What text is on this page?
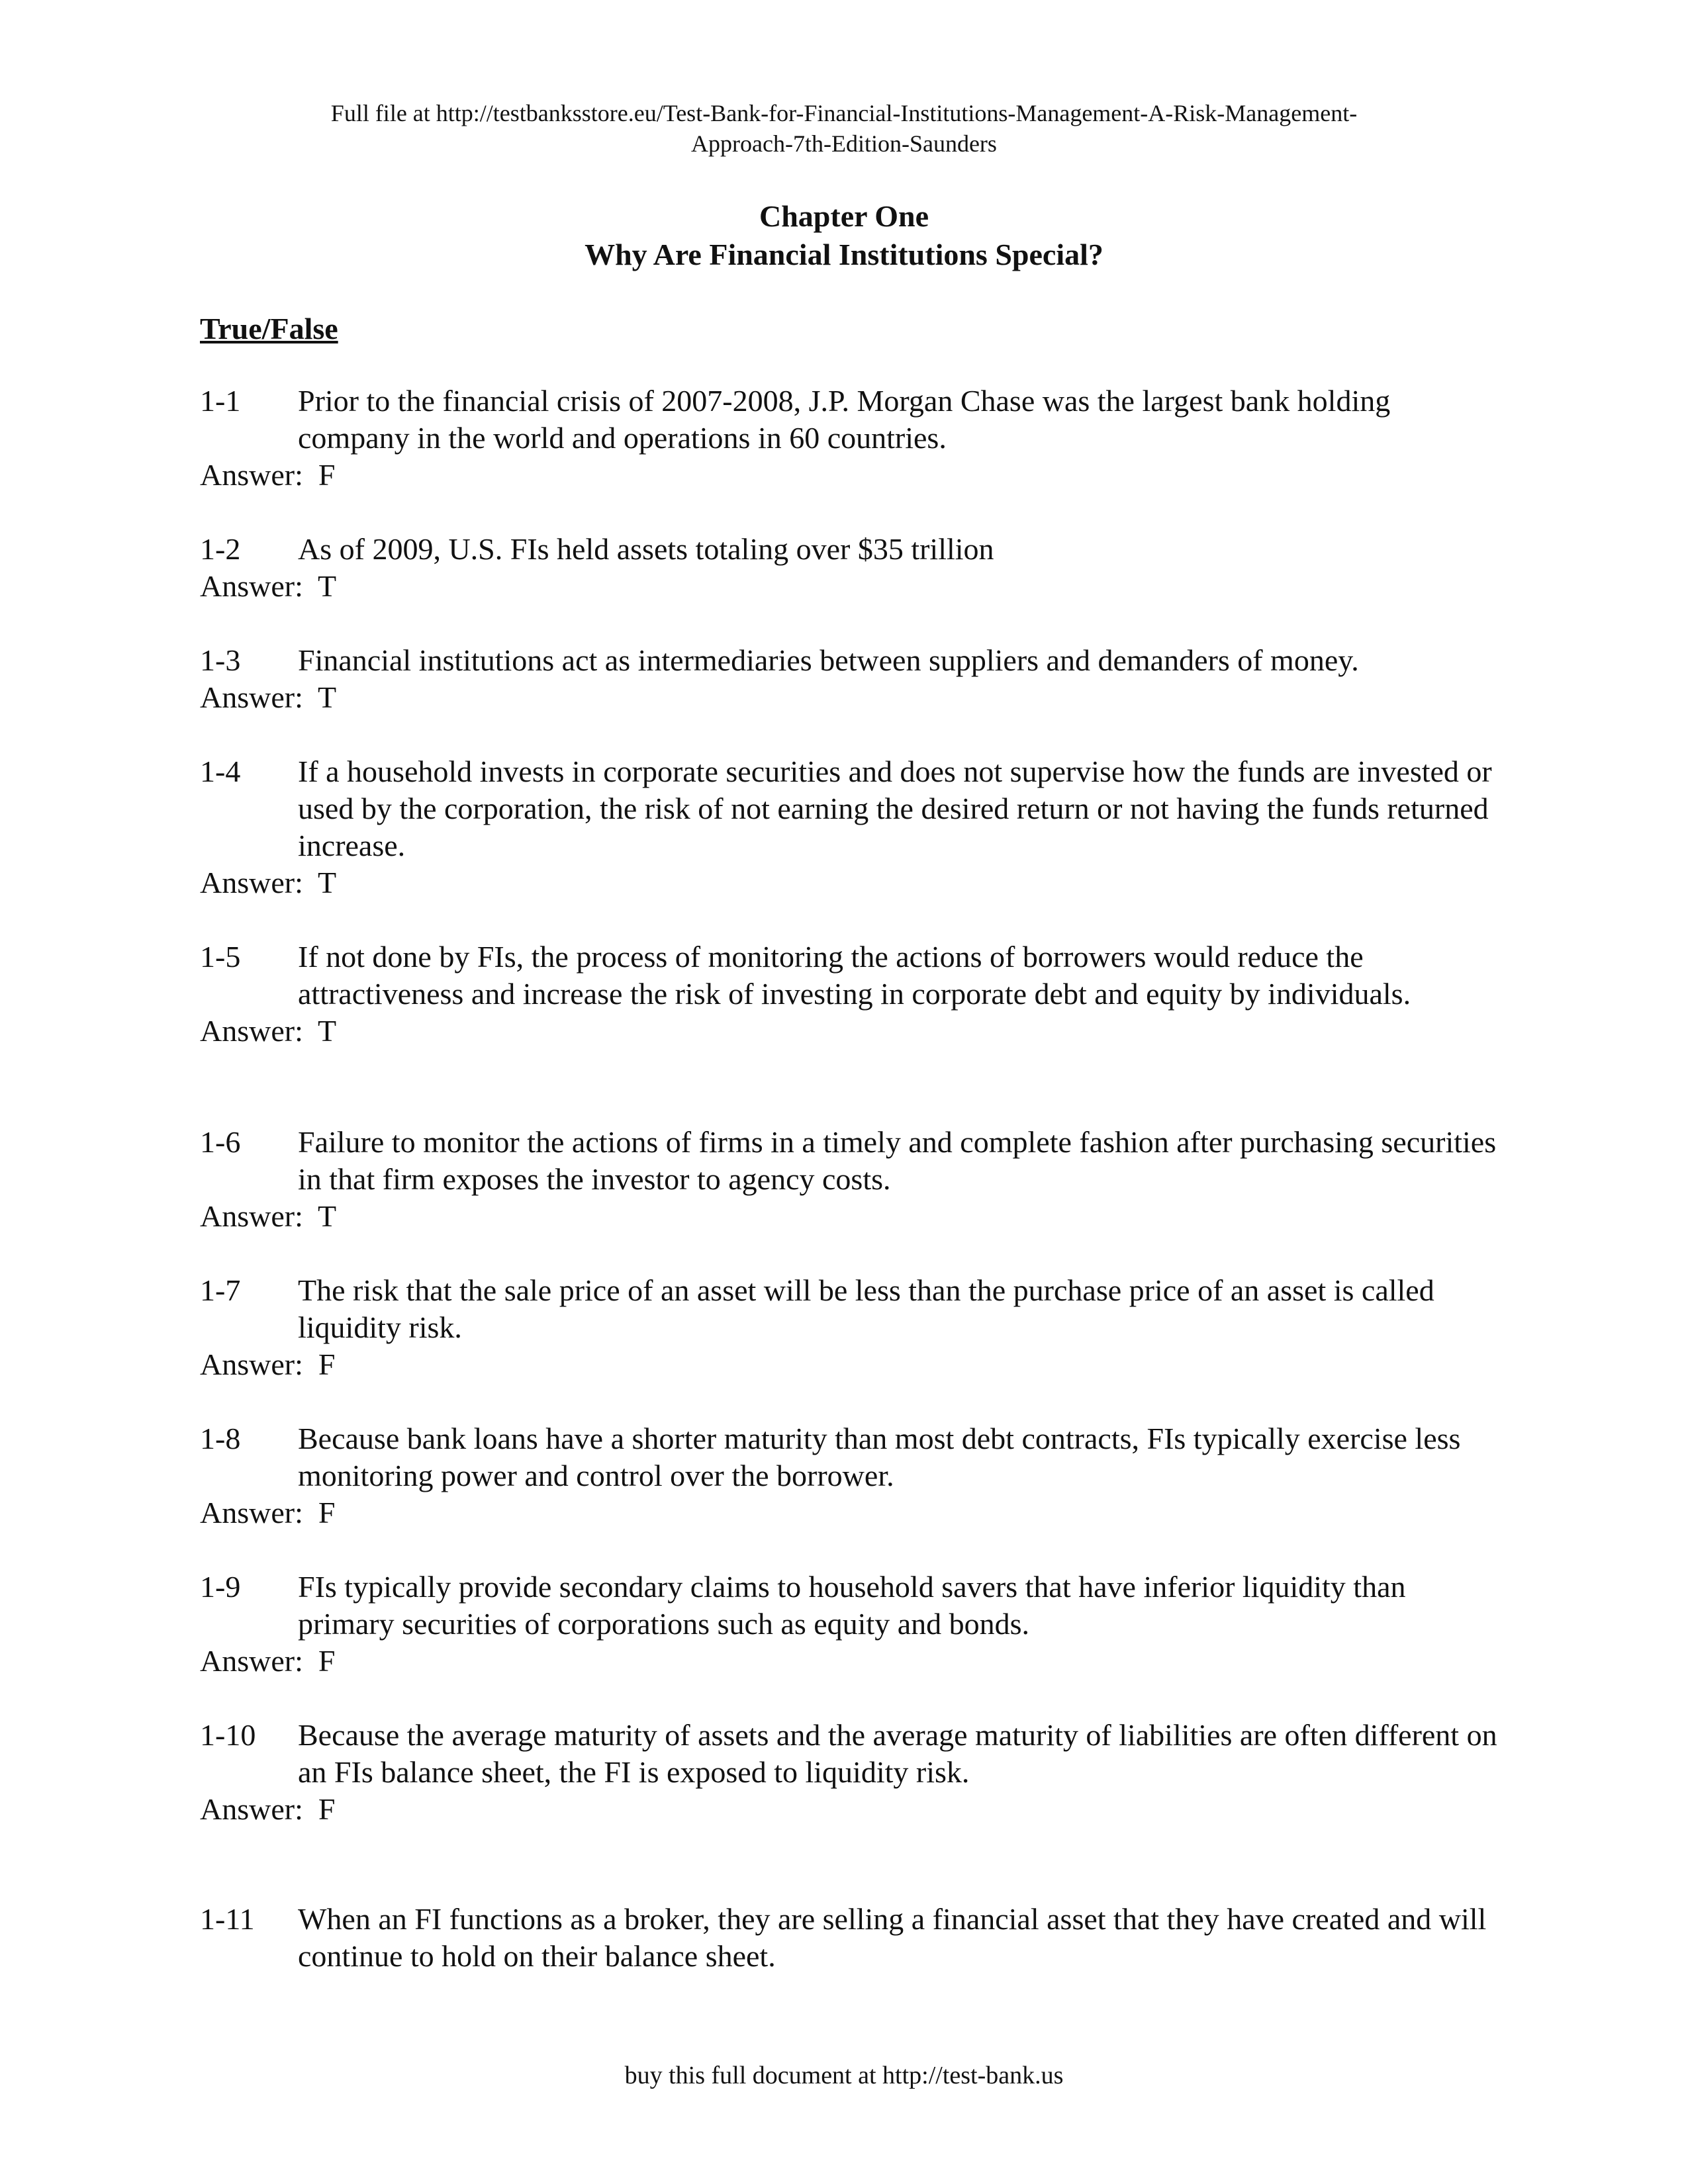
Full file at http://testbanksstore.eu/Test-Bank-for-Financial-Institutions-Management-A-Risk-Management-
Approach-7th-Edition-Saunders
Chapter One
Why Are Financial Institutions Special?
True/False
1-1	Prior to the financial crisis of 2007-2008, J.P. Morgan Chase was the largest bank holding company in the world and operations in 60 countries.
Answer:  F
1-2	As of 2009, U.S. FIs held assets totaling over $35 trillion
Answer:  T
1-3	Financial institutions act as intermediaries between suppliers and demanders of money.
Answer:  T
1-4	If a household invests in corporate securities and does not supervise how the funds are invested or used by the corporation, the risk of not earning the desired return or not having the funds returned increase.
Answer:  T
1-5	If not done by FIs, the process of monitoring the actions of borrowers would reduce the attractiveness and increase the risk of investing in corporate debt and equity by individuals.
Answer:  T
1-6	Failure to monitor the actions of firms in a timely and complete fashion after purchasing securities in that firm exposes the investor to agency costs.
Answer:  T
1-7	The risk that the sale price of an asset will be less than the purchase price of an asset is called liquidity risk.
Answer:  F
1-8	Because bank loans have a shorter maturity than most debt contracts, FIs typically exercise less monitoring power and control over the borrower.
Answer:  F
1-9	FIs typically provide secondary claims to household savers that have inferior liquidity than primary securities of corporations such as equity and bonds.
Answer:  F
1-10	Because the average maturity of assets and the average maturity of liabilities are often different on an FIs balance sheet, the FI is exposed to liquidity risk.
Answer:  F
1-11	When an FI functions as a broker, they are selling a financial asset that they have created and will continue to hold on their balance sheet.
buy this full document at http://test-bank.us
